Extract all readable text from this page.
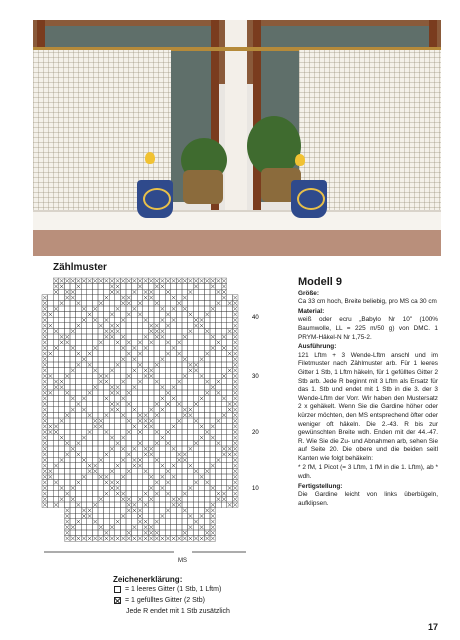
Zählmuster
40
30
20
10
MS
Zeichenerklärung:
= 1 leeres Gitter (1 Stb, 1 Lftm)
= 1 gefülltes Gitter (2 Stb)
Jede R endet mit 1 Stb zusätzlich
Modell 9
Größe:
Ca 33 cm hoch, Breite beliebig, pro MS ca 30 cm
Material:
weiß oder ecru „Babylo Nr 10" (100% Baumwolle, LL = 225 m/50 g) von DMC. 1 PRYM-Häkel-N Nr 1,75-2.
Ausführung:
121 Lftm + 3 Wende-Lftm anschl und im Filetmuster nach Zählmuster arb. Für 1 leeres Gitter 1 Stb, 1 Lftm häkeln, für 1 gefülltes Gitter 2 Stb arb. Jede R beginnt mit 3 Lftm als Ersatz für das 1. Stb und endet mit 1 Stb in die 3. der 3 Wende-Lftm der Vorr. Wir haben den Mustersatz 2 x gehäkelt. Wenn Sie die Gardine höher oder kürzer möchten, den MS entsprechend öfter oder weniger oft häkeln. Die 2.-43. R bis zur gewünschten Breite wdh. Enden mit der 44.-47. R. Wie Sie die Zu- und Abnahmen arb, sehen Sie auf Seite 20. Die obere und die beiden seitl Kanten wie folgt behäkeln:
* 2 fM, 1 Picot (= 3 Lftm, 1 fM in die 1. Lftm), ab * wdh.
Fertigstellung:
Die Gardine leicht von links überbügeln, aufklipsen.
17
